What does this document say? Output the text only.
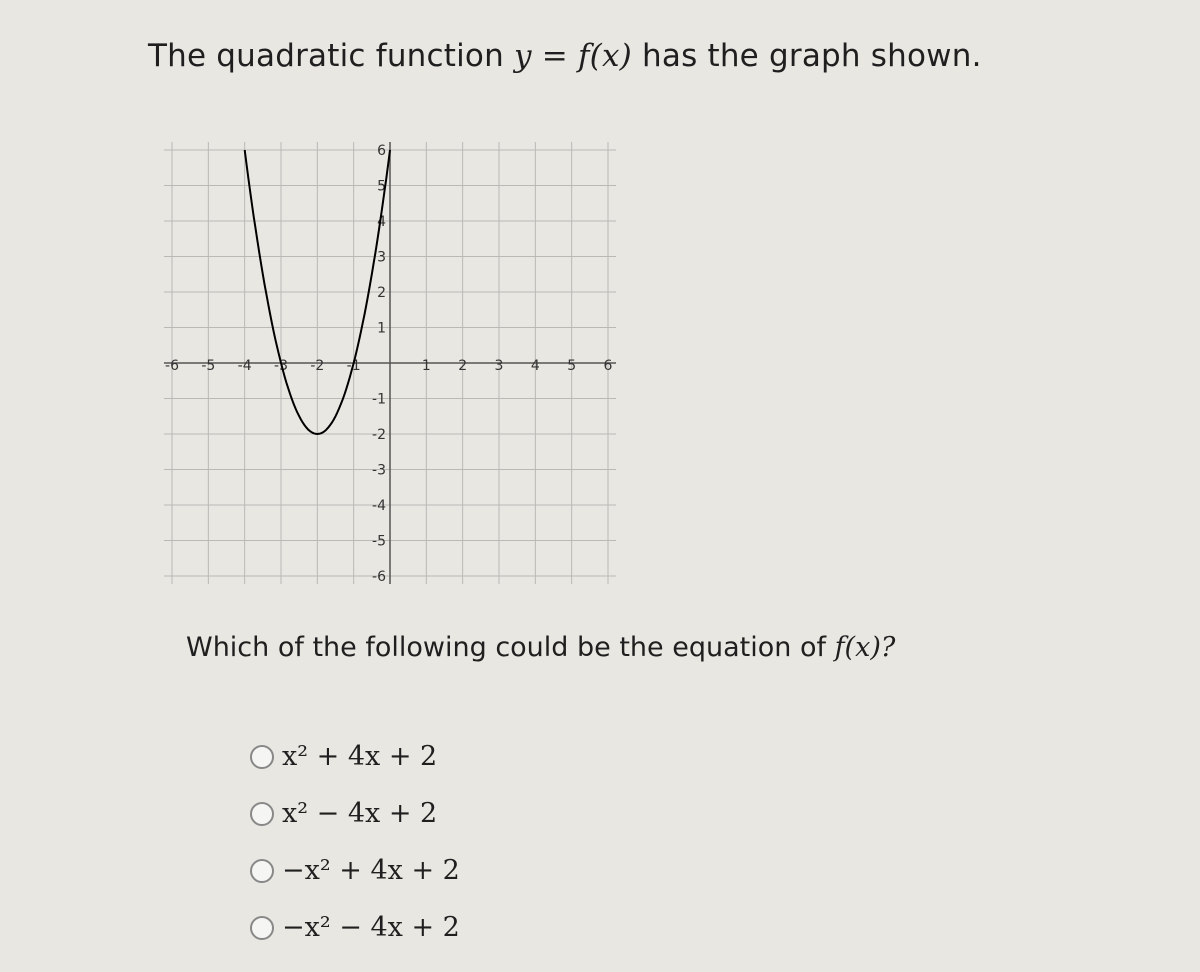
The quadratic function y = f(x) has the graph shown.
-6 -5 -4 -3 -2 -1	1 2 3 4 5 6
6
5
4
3
2
1
-1
-2
-3
-4
-5
-6
Which of the following could be the equation of f(x)?
x² + 4x + 2
x² − 4x + 2
−x² + 4x + 2
−x² − 4x + 2
